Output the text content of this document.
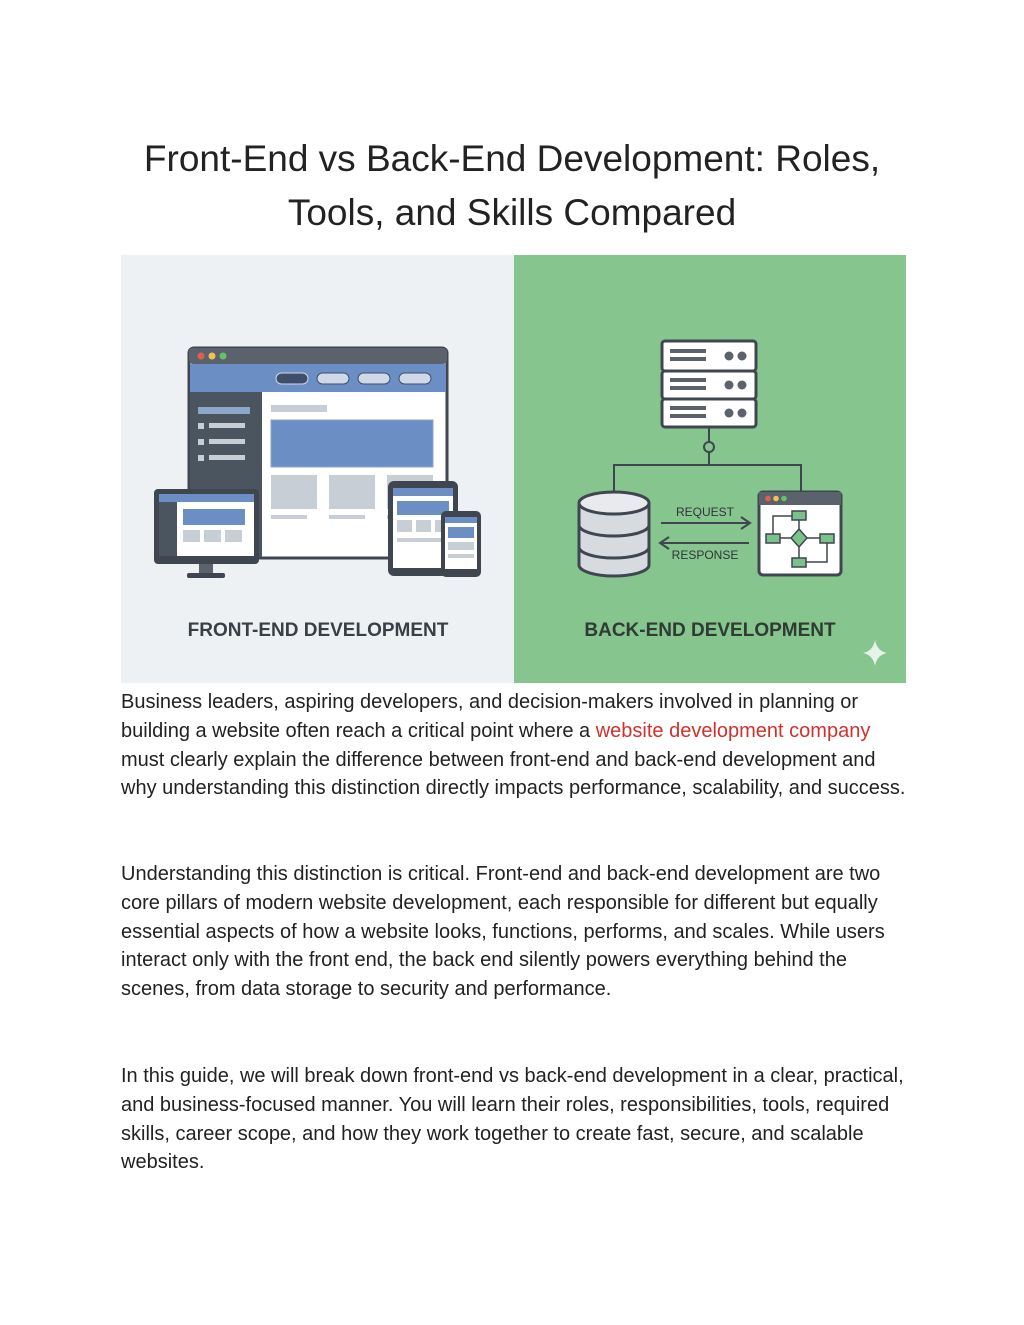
Front-End vs Back-End Development: Roles, Tools, and Skills Compared
FRONT-END DEVELOPMENT
REQUEST
RESPONSE
BACK-END DEVELOPMENT

Business leaders, aspiring developers, and decision-makers involved in planning or building a website often reach a critical point where a website development company must clearly explain the difference between front-end and back-end development and why understanding this distinction directly impacts performance, scalability, and success.

Understanding this distinction is critical. Front-end and back-end development are two core pillars of modern website development, each responsible for different but equally essential aspects of how a website looks, functions, performs, and scales. While users interact only with the front end, the back end silently powers everything behind the scenes, from data storage to security and performance.

In this guide, we will break down front-end vs back-end development in a clear, practical, and business-focused manner. You will learn their roles, responsibilities, tools, required skills, career scope, and how they work together to create fast, secure, and scalable websites.
